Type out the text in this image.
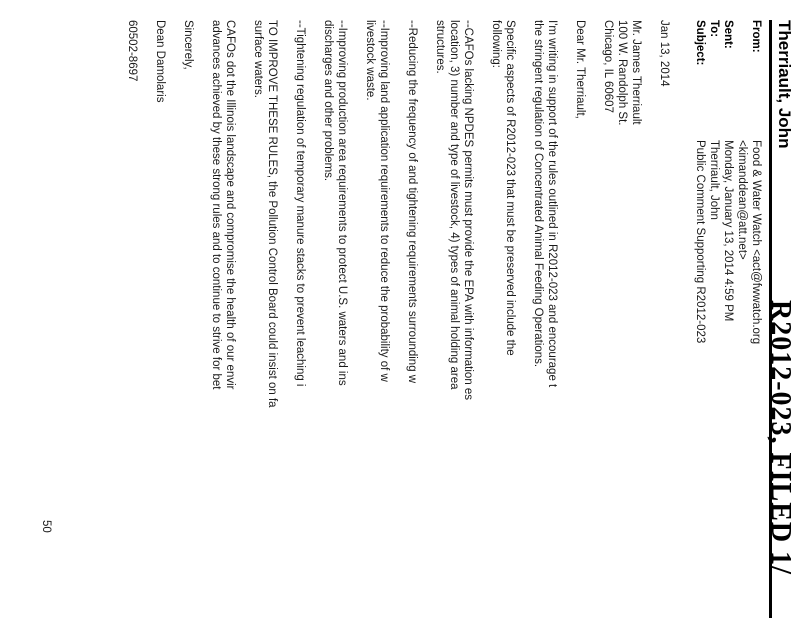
R2012-023, FILED 1/
Therriault, John
From:
Food & Water Watch <act@fwwatch.org
<kimanddean@att.net>
Sent:
Monday, January 13, 2014 4:59 PM
To:
Therriault, John
Subject:
Public Comment Supporting R2012-023
Jan 13, 2014
Mr. James Therriault
100 W. Randolph St.
Chicago, IL 60607
Dear Mr. Therriault,
I'm writing in support of the rules outlined in R2012-023 and encourage t
the stringent regulation of Concentrated Animal Feeding Operations.
Specific aspects of R2012-023 that must be preserved include the
following:
--CAFOs lacking NPDES permits must provide the EPA with information es
location, 3) number and type of livestock, 4) types of animal holding area
structures.
--Reducing the frequency of and tightening requirements surrounding w
--Improving land application requirements to reduce the probability of w
livestock waste.
--Improving production area requirements to protect U.S. waters and ins
discharges and other problems.
--Tightening regulation of temporary manure stacks to prevent leaching i
TO IMPROVE THESE RULES, the Pollution Control Board could insist on fa
surface waters.
CAFOs dot the Illinois landscape and compromise the health of our envir
advances achieved by these strong rules and to continue to strive for bet
Sincerely,
Dean Damolaris
60502-8697
50
